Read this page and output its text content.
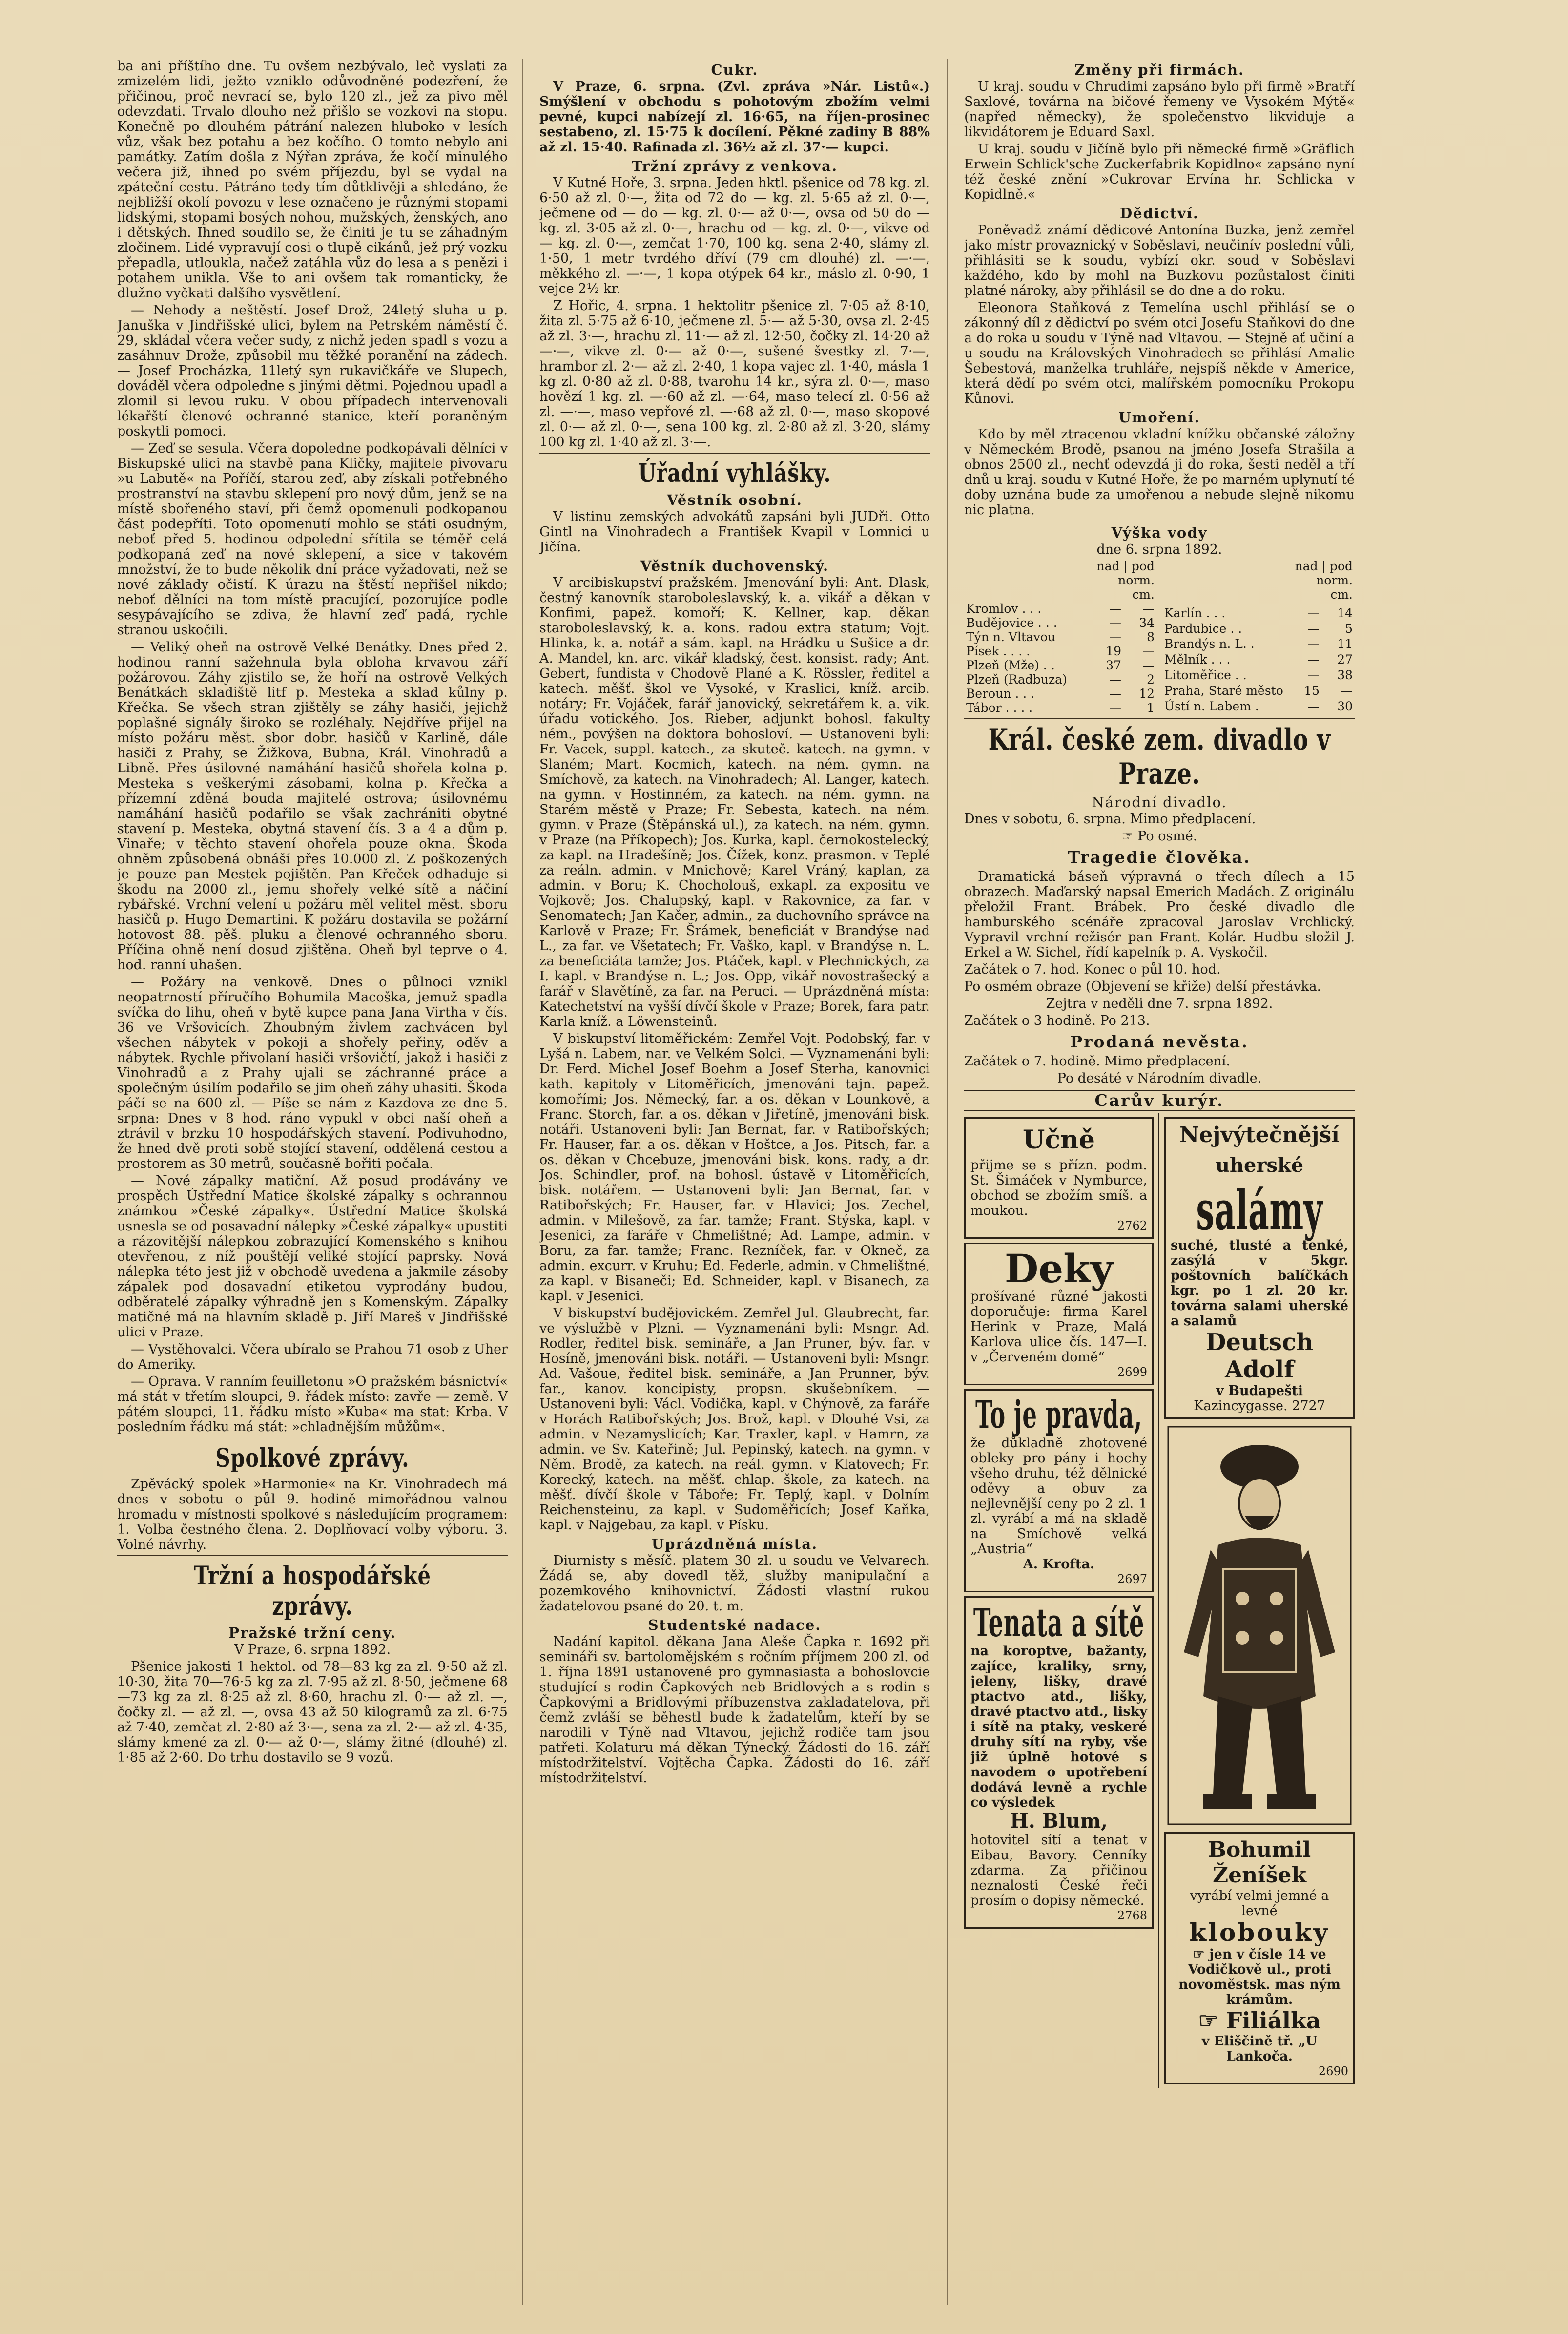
ba ani příštího dne. Tu ovšem nezbývalo, leč vyslati za zmizelém lidi, ježto vzniklo odůvodněné podezření, že přičinou, proč nevrací se, bylo 120 zl., jež za pivo měl odevzdati. Trvalo dlouho než přišlo se vozkovi na stopu. Konečně po dlouhém pátrání nalezen hluboko v lesích vůz, však bez potahu a bez kočího. O tomto nebylo ani památky. Zatím došla z Nýřan zpráva, že kočí minulého večera již, ihned po svém příjezdu, byl se vydal na zpáteční cestu. Pátráno tedy tím důtklivěji a shledáno, že nejbližší okolí povozu v lese označeno je různými stopami lidskými, stopami bosých nohou, mužských, ženských, ano i dětských. Ihned soudilo se, že činiti je tu se záhadným zločinem. Lidé vypravují cosi o tlupě cikánů, jež prý vozku přepadla, utloukla, načež zatáhla vůz do lesa a s penězi i potahem unikla. Vše to ani ovšem tak romanticky, že dlužno vyčkati dalšího vysvětlení.

— Nehody a neštěstí. Josef Drož, 24letý sluha u p. Januška v Jindřišské ulici, bylem na Petrském náměstí č. 29, skládal včera večer sudy, z nichž jeden spadl s vozu a zasáhnuv Drože, způsobil mu těžké poranění na zádech. — Josef Procházka, 11letý syn rukavičkáře ve Slupech, dováděl včera odpoledne s jinými dětmi. Pojednou upadl a zlomil si levou ruku. V obou případech intervenovali lékařští členové ochranné stanice, kteří poraněným poskytli pomoci.

— Zeď se sesula. Včera dopoledne podkopávali dělníci v Biskupské ulici na stavbě pana Kličky, majitele pivovaru »u Labutě« na Poříčí, starou zeď, aby získali potřebného prostranství na stavbu sklepení pro nový dům, jenž se na místě sbořeného staví, při čemž opomenuli podkopanou část podepříti. Toto opomenutí mohlo se státi osudným, neboť před 5. hodinou odpolední sřítila se téměř celá podkopaná zeď na nové sklepení, a sice v takovém množství, že to bude několik dní práce vyžadovati, než se nové základy očistí. K úrazu na štěstí nepřišel nikdo; neboť dělníci na tom místě pracující, pozorujíce podle sesypávajícího se zdiva, že hlavní zeď padá, rychle stranou uskočili.

— Veliký oheň na ostrově Velké Benátky. Dnes před 2. hodinou ranní sažehnula byla obloha krvavou září požárovou. Záhy zjistilo se, že hoří na ostrově Velkých Benátkách skladiště litf p. Mesteka a sklad kůlny p. Křečka. Se všech stran zjištěly se záhy hasiči, jejichž poplašné signály široko se rozléhaly. Nejdříve přijel na místo požáru měst. sbor dobr. hasičů v Karlině, dále hasiči z Prahy, se Žižkova, Bubna, Král. Vinohradů a Libně. Přes úsilovné namáhání hasičů shořela kolna p. Mesteka s veškerými zásobami, kolna p. Křečka a přízemní zděná bouda majitelé ostrova; úsilovnému namáhání hasičů podařilo se však zachrániti obytné stavení p. Mesteka, obytná stavení čís. 3 a 4 a dům p. Vinaře; v těchto stavení ohořela pouze okna. Škoda ohněm způsobená obnáší přes 10.000 zl. Z poškozených je pouze pan Mestek pojištěn. Pan Křeček odhaduje si škodu na 2000 zl., jemu shořely velké sítě a náčiní rybářské. Vrchní velení u požáru měl velitel měst. sboru hasičů p. Hugo Demartini. K požáru dostavila se požární hotovost 88. pěš. pluku a členové ochranného sboru. Příčina ohně není dosud zjištěna. Oheň byl teprve o 4. hod. ranní uhašen.

— Požáry na venkově. Dnes o půlnoci vznikl neopatrností příručího Bohumila Macoška, jemuž spadla svíčka do lihu, oheň v bytě kupce pana Jana Virtha v čís. 36 ve Vršovicích. Zhoubným živlem zachvácen byl všechen nábytek v pokoji a shořely peřiny, oděv a nábytek. Rychle přivolaní hasiči vršovičtí, jakož i hasiči z Vinohradů a z Prahy ujali se záchranné práce a společným úsilím podařilo se jim oheň záhy uhasiti. Škoda páčí se na 600 zl. — Píše se nám z Kazdova ze dne 5. srpna: Dnes v 8 hod. ráno vypukl v obci naší oheň a ztrávil v brzku 10 hospodářských stavení. Podivuhodno, že hned dvě proti sobě stojící stavení, oddělená cestou a prostorem as 30 metrů, současně bořiti počala.

— Nové zápalky matiční. Až posud prodávány ve prospěch Ústřední Matice školské zápalky s ochrannou známkou »České zápalky«. Ústřední Matice školská usnesla se od posavadní nálepky »České zápalky« upustiti a rázovitější nálepkou zobrazující Komenského s knihou otevřenou, z níž pouštějí veliké stojící paprsky. Nová nálepka této jest již v obchodě uvedena a jakmile zásoby zápalek pod dosavadní etiketou vyprodány budou, odběratelé zápalky výhradně jen s Komenským. Zápalky matičné má na hlavním skladě p. Jiří Mareš v Jindřišské ulici v Praze.

— Vystěhovalci. Včera ubíralo se Prahou 71 osob z Uher do Ameriky.

— Oprava. V ranním feuilletonu »O pražském básnictví« má stát v třetím sloupci, 9. řádek místo: zavře — země. V pátém sloupci, 11. řádku místo »Kuba« ma stat: Krba. V posledním řádku má stát: »chladnějším můžům«.

Spolkové zprávy.

Zpěvácký spolek »Harmonie« na Kr. Vinohradech má dnes v sobotu o půl 9. hodině mimořádnou valnou hromadu v místnosti spolkové s následujícím programem: 1. Volba čestného člena. 2. Doplňovací volby výboru. 3. Volné návrhy.

Tržní a hospodářské zprávy.
Pražské tržní ceny.

V Praze, 6. srpna 1892.

Pšenice jakosti 1 hektol. od 78—83 kg za zl. 9·50 až zl. 10·30, žita 70—76·5 kg za zl. 7·95 až zl. 8·50, ječmene 68—73 kg za zl. 8·25 až zl. 8·60, hrachu zl. 0·— až zl. —, čočky zl. — až zl. —, ovsa 43 až 50 kilogramů za zl. 6·75 až 7·40, zemčat zl. 2·80 až 3·—, sena za zl. 2·— až zl. 4·35, slámy kmené za zl. 0·— až 0·—, slámy žitné (dlouhé) zl. 1·85 až 2·60. Do trhu dostavilo se 9 vozů.

Cukr.

V Praze, 6. srpna. (Zvl. zpráva »Nár. Listů«.) Smýšlení v obchodu s pohotovým zbožím velmi pevné, kupci nabízejí zl. 16·65, na říjen-prosinec sestabeno, zl. 15·75 k docílení. Pěkné zadiny B 88% až zl. 15·40. Rafinada zl. 36½ až zl. 37·— kupci.

Tržní zprávy z venkova.

V Kutné Hoře, 3. srpna. Jeden hktl. pšenice od 78 kg. zl. 6·50 až zl. 0·—, žita od 72 do — kg. zl. 5·65 až zl. 0·—, ječmene od — do — kg. zl. 0·— až 0·—, ovsa od 50 do — kg. zl. 3·05 až zl. 0·—, hrachu od — kg. zl. 0·—, vikve od — kg. zl. 0·—, zemčat 1·70, 100 kg. sena 2·40, slámy zl. 1·50, 1 metr tvrdého dříví (79 cm dlouhé) zl. —·—, měkkého zl. —·—, 1 kopa otýpek 64 kr., máslo zl. 0·90, 1 vejce 2½ kr.

Z Hořic, 4. srpna. 1 hektolitr pšenice zl. 7·05 až 8·10, žita zl. 5·75 až 6·10, ječmene zl. 5·— až 5·30, ovsa zl. 2·45 až zl. 3·—, hrachu zl. 11·— až zl. 12·50, čočky zl. 14·20 až —·—, vikve zl. 0·— až 0·—, sušené švestky zl. 7·—, hrambor zl. 2·— až zl. 2·40, 1 kopa vajec zl. 1·40, másla 1 kg zl. 0·80 až zl. 0·88, tvarohu 14 kr., sýra zl. 0·—, maso hovězí 1 kg. zl. —·60 až zl. —·64, maso telecí zl. 0·56 až zl. —·—, maso vepřové zl. —·68 až zl. 0·—, maso skopové zl. 0·— až zl. 0·—, sena 100 kg. zl. 2·80 až zl. 3·20, slámy 100 kg zl. 1·40 až zl. 3·—.

Úřadní vyhlášky.
Věstník osobní.

V listinu zemských advokátů zapsáni byli JUDři. Otto Gintl na Vinohradech a František Kvapil v Lomnici u Jičína.

Věstník duchovenský.

V arcibiskupství pražském. Jmenování byli: Ant. Dlask, čestný kanovník staroboleslavský, k. a. vikář a děkan v Konfimi, papež. komoří; K. Kellner, kap. děkan staroboleslavský, k. a. kons. radou extra statum; Vojt. Hlinka, k. a. notář a sám. kapl. na Hrádku u Sušice a dr. A. Mandel, kn. arc. vikář kladský, čest. konsist. rady; Ant. Gebert, fundista v Chodově Plané a K. Rössler, ředitel a katech. měšť. škol ve Vysoké, v Kraslici, kníž. arcib. notáry; Fr. Vojáček, farář janovický, sekretářem k. a. vik. úřadu votického. Jos. Rieber, adjunkt bohosl. fakulty ném., povýšen na doktora bohosloví. — Ustanoveni byli: Fr. Vacek, suppl. katech., za skuteč. katech. na gymn. v Slaném; Mart. Kocmich, katech. na ném. gymn. na Smíchově, za katech. na Vinohradech; Al. Langer, katech. na gymn. v Hostinném, za katech. na ném. gymn. na Starém městě v Praze; Fr. Sebesta, katech. na ném. gymn. v Praze (Štěpánská ul.), za katech. na ném. gymn. v Praze (na Příkopech); Jos. Kurka, kapl. černokostelecký, za kapl. na Hradešíně; Jos. Čížek, konz. prasmon. v Teplé za reáln. admin. v Mnichově; Karel Vráný, kaplan, za admin. v Boru; K. Chocholouš, exkapl. za expositu ve Vojkově; Jos. Chalupský, kapl. v Rakovnice, za far. v Senomatech; Jan Kačer, admin., za duchovního správce na Karlově v Praze; Fr. Šrámek, beneficiát v Brandýse nad L., za far. ve Všetatech; Fr. Vaško, kapl. v Brandýse n. L. za beneficiáta tamže; Jos. Ptáček, kapl. v Plechnických, za I. kapl. v Brandýse n. L.; Jos. Opp, vikář novostrašecký a farář v Slavětíně, za far. na Peruci. — Uprázdněná místa: Katechetství na vyšší dívčí škole v Praze; Borek, fara patr. Karla kníž. a Löwensteinů.

V biskupství litoměřickém: Zemřel Vojt. Podobský, far. v Lyšá n. Labem, nar. ve Velkém Solci. — Vyznamenáni byli: Dr. Ferd. Michel Josef Boehm a Josef Sterha, kanovnici kath. kapitoly v Litoměřicích, jmenováni tajn. papež. komořími; Jos. Německý, far. a os. děkan v Lounkově, a Franc. Storch, far. a os. děkan v Jiřetíně, jmenováni bisk. notáři. Ustanoveni byli: Jan Bernat, far. v Ratibořských; Fr. Hauser, far. a os. děkan v Hoštce, a Jos. Pitsch, far. a os. děkan v Chcebuze, jmenováni bisk. kons. rady, a dr. Jos. Schindler, prof. na bohosl. ústavě v Litoměřicích, bisk. notářem. — Ustanoveni byli: Jan Bernat, far. v Ratibořských; Fr. Hauser, far. v Hlavici; Jos. Zechel, admin. v Milešově, za far. tamže; Frant. Stýska, kapl. v Jesenici, za faráře v Chmelištné; Ad. Lampe, admin. v Boru, za far. tamže; Franc. Rezníček, far. v Okneč, za admin. excurr. v Kruhu; Ed. Federle, admin. v Chmelištné, za kapl. v Bisaneči; Ed. Schneider, kapl. v Bisanech, za kapl. v Jesenici.

V biskupství budějovickém. Zemřel Jul. Glaubrecht, far. ve výslužbě v Plzni. — Vyznamenáni byli: Msngr. Ad. Rodler, ředitel bisk. semináře, a Jan Pruner, býv. far. v Hosíně, jmenováni bisk. notáři. — Ustanoveni byli: Msngr. Ad. Vašoue, ředitel bisk. semináře, a Jan Prunner, býv. far., kanov. koncipisty, propsn. skušebníkem. — Ustanoveni byli: Václ. Vodička, kapl. v Chýnově, za faráře v Horách Ratibořských; Jos. Brož, kapl. v Dlouhé Vsi, za admin. v Nezamyslicích; Kar. Traxler, kapl. v Hamrn, za admin. ve Sv. Kateřině; Jul. Pepinský, katech. na gymn. v Něm. Brodě, za katech. na reál. gymn. v Klatovech; Fr. Korecký, katech. na měšť. chlap. škole, za katech. na měšť. dívčí škole v Táboře; Fr. Teplý, kapl. v Dolním Reichensteinu, za kapl. v Sudoměřicích; Josef Kaňka, kapl. v Najgebau, za kapl. v Písku.

Uprázdněná místa.

Diurnisty s měsíč. platem 30 zl. u soudu ve Velvarech. Žádá se, aby dovedl těž, služby manipulační a pozemkového knihovnictví. Žádosti vlastní rukou žadatelovou psané do 20. t. m.

Studentské nadace.

Nadání kapitol. děkana Jana Aleše Čapka r. 1692 při semináři sv. bartolomějském s ročním příjmem 200 zl. od 1. října 1891 ustanovené pro gymnasiasta a bohoslovcie studující s rodin Čapkových neb Bridlových a s rodin s Čapkovými a Bridlovými příbuzenstva zakladatelova, při čemž zvláší se běhestl bude k žadatelům, kteří by se narodili v Týně nad Vltavou, jejichž rodiče tam jsou patřeti. Kolaturu má děkan Týnecký. Žádosti do 16. září místodržitelství. Vojtěcha Čapka. Žádosti do 16. září místodržitelství.

Změny při firmách.

U kraj. soudu v Chrudimi zapsáno bylo při firmě »Bratří Saxlové, továrna na bičové řemeny ve Vysokém Mýtě« (napřed německy), že společenstvo likviduje a likvidátorem je Eduard Saxl.

U kraj. soudu v Jičíně bylo při německé firmě »Gräflich Erwein Schlick'sche Zuckerfabrik Kopidlno« zapsáno nyní též české znění »Cukrovar Ervína hr. Schlicka v Kopidlně.«

Dědictví.

Poněvadž známí dědicové Antonína Buzka, jenž zemřel jako místr provaznický v Soběslavi, neučinív poslední vůli, přihlásiti se k soudu, vybízí okr. soud v Soběslavi každého, kdo by mohl na Buzkovu pozůstalost činiti platné nároky, aby přihlásil se do dne a do roku.

Eleonora Staňková z Temelína uschl přihlásí se o zákonný díl z dědictví po svém otci Josefu Staňkovi do dne a do roka u soudu v Týně nad Vltavou. — Stejně ať učiní a u soudu na Královských Vinohradech se přihlásí Amalie Šebestová, manželka truhláře, nejspíš někde v Americe, která dědí po svém otci, malířském pomocníku Prokopu Kůnovi.

Umoření.

Kdo by měl ztracenou vkladní knížku občanské záložny v Německém Brodě, psanou na jméno Josefa Strašila a obnos 2500 zl., nechť odevzdá ji do roka, šesti neděl a tří dnů u kraj. soudu v Kutné Hoře, že po marném uplynutí té doby uznána bude za umořenou a nebude slejně nikomu nic platna.

Výška vody

dne 6. srpna 1892.

	nad | pod norm. cm.	
Kromlov . . .	—	—
Budějovice . . .	—	34
Týn n. Vltavou	—	8
Písek . . . .	19	—
Plzeň (Mže) . .	37	—
Plzeň (Radbuza)	—	2
Beroun . . .	—	12
Tábor . . . .	—	1
	nad | pod norm. cm.	
Karlín . . .	—	14
Pardubice . .	—	5
Brandýs n. L. .	—	11
Mělník . . .	—	27
Litoměřice . .	—	38
Praha, Staré město	15	—
Ústí n. Labem .	—	30
Král. české zem. divadlo v Praze.
Národní divadlo.

Dnes v sobotu, 6. srpna. Mimo předplacení.

☞ Po osmé.

Tragedie člověka.

Dramatická báseň výpravná o třech dílech a 15 obrazech. Maďarský napsal Emerich Madách. Z originálu přeložil Frant. Brábek. Pro české divadlo dle hamburského scénáře zpracoval Jaroslav Vrchlický. Vypravil vrchní režisér pan Frant. Kolár. Hudbu složil J. Erkel a W. Sichel, řídí kapelník p. A. Vyskočil.

Začátek o 7. hod. Konec o půl 10. hod.

Po osmém obraze (Objevení se křiže) delší přestávka.

Zejtra v neděli dne 7. srpna 1892.

Začátek o 3 hodině. Po 213.

Prodaná nevěsta.

Začátek o 7. hodině. Mimo předplacení.

Po desáté v Národním divadle.

Carův kurýr.
Učně
přijme se s přízn. podm. St. Šimáček v Nymburce, obchod se zbožím smíš. a moukou.
2762
Deky
prošívané různé jakosti doporučuje: firma Karel Herink v Praze, Malá Karlova ulice čís. 147—I. v „Červeném domě“
2699
To je pravda,
že důkladně zhotovené obleky pro pány i hochy všeho druhu, též dělnické oděvy a obuv za nejlevnější ceny po 2 zl. 1 zl. vyrábí a má na skladě na Smíchově velká „Austria“
A. Krofta.
2697
Tenata a sítě
na koroptve, bažanty, zajíce, kraliky, srny, jeleny, lišky, dravé ptactvo atd., lišky, dravé ptactvo atd., lisky i sítě na ptaky, veskeré druhy sítí na ryby, vše již úplně hotové s navodem o upotřebení dodává levně a rychle co výsledek
H. Blum,
hotovitel sítí a tenat v Eibau, Bavory. Cenníky zdarma. Za přičinou neznalosti České řeči prosím o dopisy německé.
2768
Nejvýtečnější
uherské
salámy
suché, tlusté a tenké, zasýlá v 5kgr. poštovních balíčkách kgr. po 1 zl. 20 kr. továrna salami uherské a salamů
Deutsch Adolf
v Budapešti
Kazincygasse. 2727
Bohumil Ženíšek
vyrábí velmi jemné a levné
klobouky
☞ jen v čísle 14 ve Vodičkově ul., proti novoměstsk. mas ným krámům.
☞ Filiálka
v Eliščině tř. „U Lankoča.
2690
